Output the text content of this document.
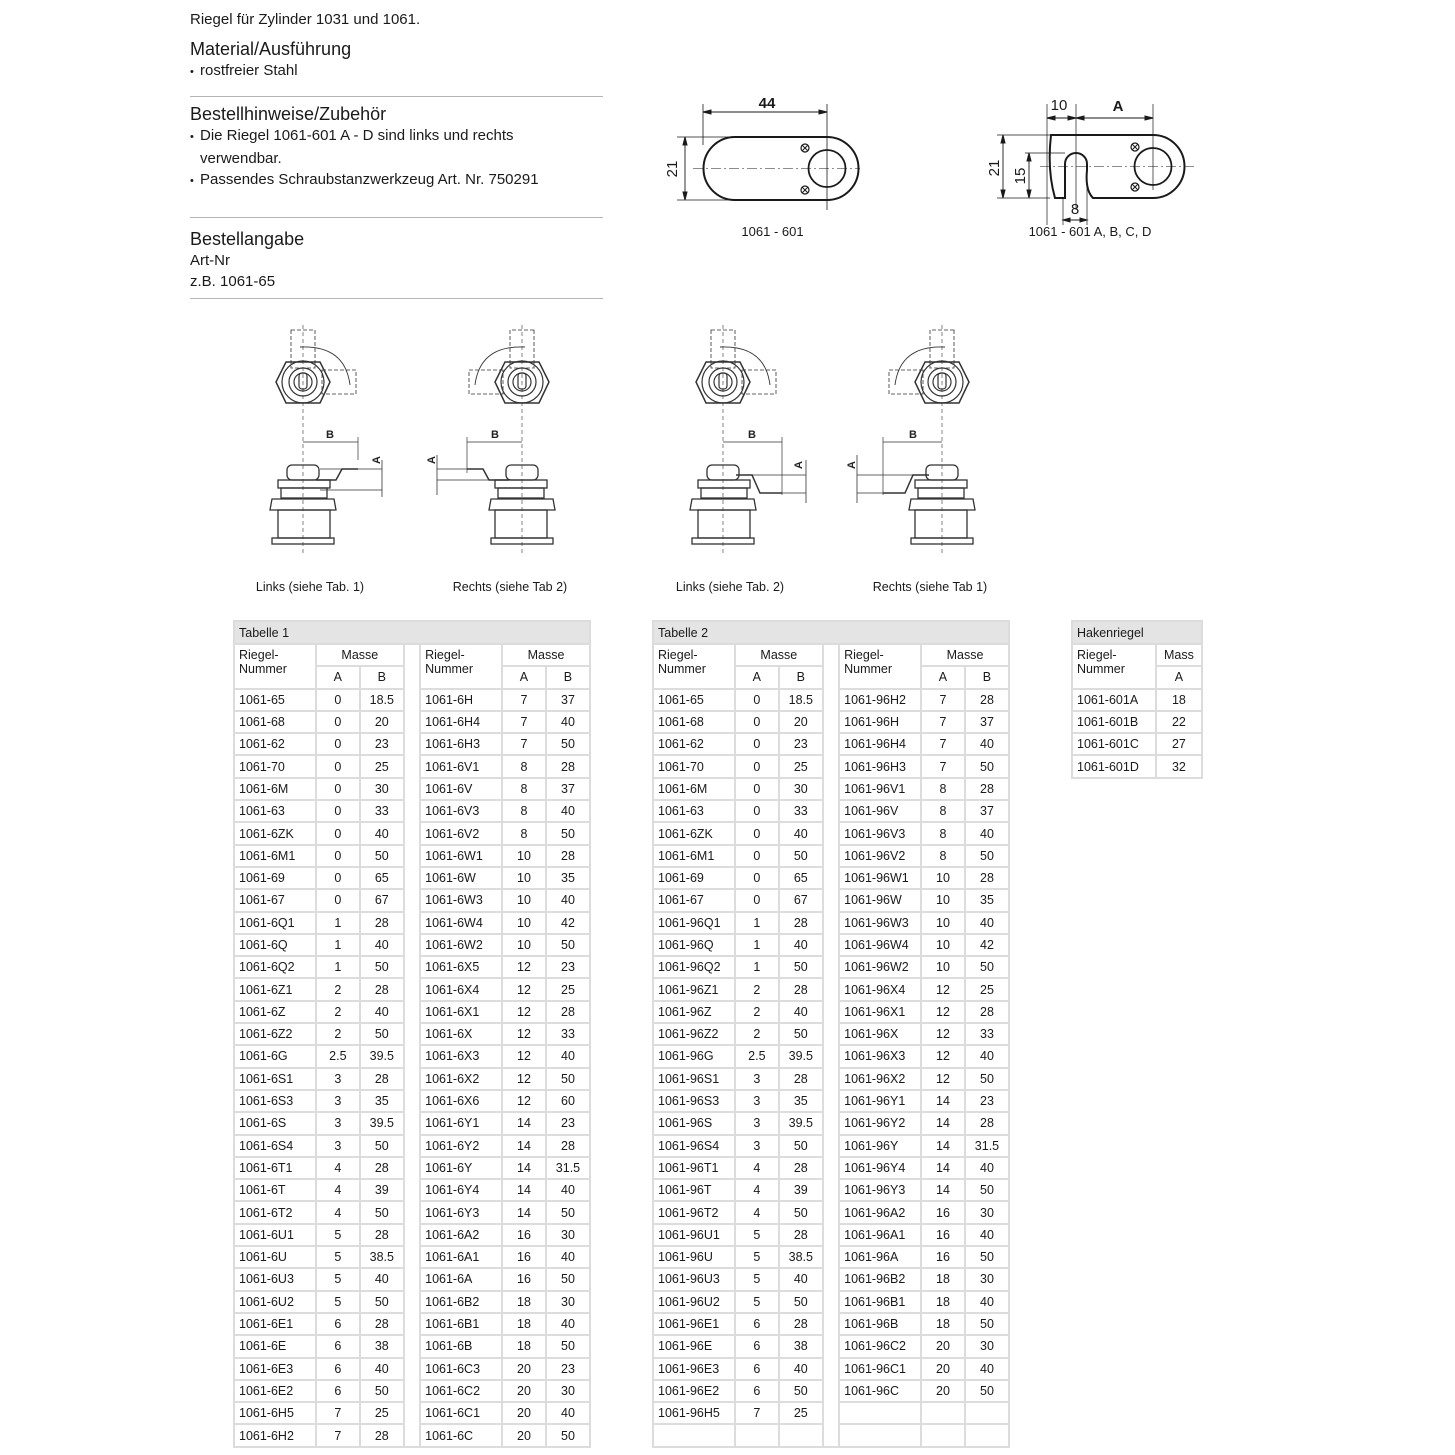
Riegel für Zylinder 1031 und 1061.

Material/Ausführung

• rostfreier Stahl

Bestellhinweise/Zubehör

• Die Riegel 1061-601 A - D sind links und rechts verwendbar.
• Passendes Schraubstanzwerkzeug Art. Nr. 750291

Bestellangabe

Art-Nr

z.B. 1061-65

44
21
1061 - 601
10	A
21 15
8
1061 - 601 A, B, C, D
B
A
B
A
B
A
B
A
Links (siehe Tab. 1)	Rechts (siehe Tab 2)	Links (siehe Tab. 2)	Rechts (siehe Tab 1)
Tabelle 1						
Riegel-
Nummer	Masse			Riegel-
Nummer	Masse	
	A	B			A	B
1061-65	0	18.5		1061-6H	7	37
1061-68	0	20		1061-6H4	7	40
1061-62	0	23		1061-6H3	7	50
1061-70	0	25		1061-6V1	8	28
1061-6M	0	30		1061-6V	8	37
1061-63	0	33		1061-6V3	8	40
1061-6ZK	0	40		1061-6V2	8	50
1061-6M1	0	50		1061-6W1	10	28
1061-69	0	65		1061-6W	10	35
1061-67	0	67		1061-6W3	10	40
1061-6Q1	1	28		1061-6W4	10	42
1061-6Q	1	40		1061-6W2	10	50
1061-6Q2	1	50		1061-6X5	12	23
1061-6Z1	2	28		1061-6X4	12	25
1061-6Z	2	40		1061-6X1	12	28
1061-6Z2	2	50		1061-6X	12	33
1061-6G	2.5	39.5		1061-6X3	12	40
1061-6S1	3	28		1061-6X2	12	50
1061-6S3	3	35		1061-6X6	12	60
1061-6S	3	39.5		1061-6Y1	14	23
1061-6S4	3	50		1061-6Y2	14	28
1061-6T1	4	28		1061-6Y	14	31.5
1061-6T	4	39		1061-6Y4	14	40
1061-6T2	4	50		1061-6Y3	14	50
1061-6U1	5	28		1061-6A2	16	30
1061-6U	5	38.5		1061-6A1	16	40
1061-6U3	5	40		1061-6A	16	50
1061-6U2	5	50		1061-6B2	18	30
1061-6E1	6	28		1061-6B1	18	40
1061-6E	6	38		1061-6B	18	50
1061-6E3	6	40		1061-6C3	20	23
1061-6E2	6	50		1061-6C2	20	30
1061-6H5	7	25		1061-6C1	20	40
1061-6H2	7	28		1061-6C	20	50
Tabelle 2						
Riegel-
Nummer	Masse			Riegel-
Nummer	Masse	
	A	B			A	B
1061-65	0	18.5		1061-96H2	7	28
1061-68	0	20		1061-96H	7	37
1061-62	0	23		1061-96H4	7	40
1061-70	0	25		1061-96H3	7	50
1061-6M	0	30		1061-96V1	8	28
1061-63	0	33		1061-96V	8	37
1061-6ZK	0	40		1061-96V3	8	40
1061-6M1	0	50		1061-96V2	8	50
1061-69	0	65		1061-96W1	10	28
1061-67	0	67		1061-96W	10	35
1061-96Q1	1	28		1061-96W3	10	40
1061-96Q	1	40		1061-96W4	10	42
1061-96Q2	1	50		1061-96W2	10	50
1061-96Z1	2	28		1061-96X4	12	25
1061-96Z	2	40		1061-96X1	12	28
1061-96Z2	2	50		1061-96X	12	33
1061-96G	2.5	39.5		1061-96X3	12	40
1061-96S1	3	28		1061-96X2	12	50
1061-96S3	3	35		1061-96Y1	14	23
1061-96S	3	39.5		1061-96Y2	14	28
1061-96S4	3	50		1061-96Y	14	31.5
1061-96T1	4	28		1061-96Y4	14	40
1061-96T	4	39		1061-96Y3	14	50
1061-96T2	4	50		1061-96A2	16	30
1061-96U1	5	28		1061-96A1	16	40
1061-96U	5	38.5		1061-96A	16	50
1061-96U3	5	40		1061-96B2	18	30
1061-96U2	5	50		1061-96B1	18	40
1061-96E1	6	28		1061-96B	18	50
1061-96E	6	38		1061-96C2	20	30
1061-96E3	6	40		1061-96C1	20	40
1061-96E2	6	50		1061-96C	20	50
1061-96H5	7	25				

Hakenriegel	
Riegel-
Nummer	Mass
	A
1061-601A	18
1061-601B	22
1061-601C	27
1061-601D	32
